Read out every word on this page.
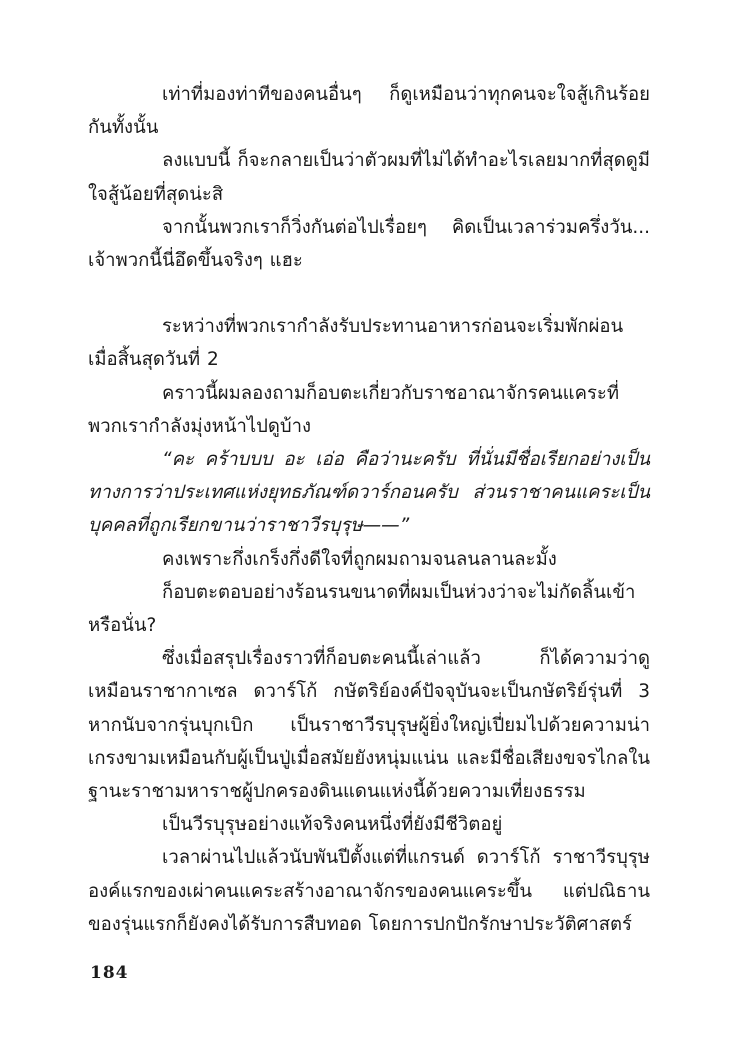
เท่าที่มองท่าทีของคนอื่นๆ ก็ดูเหมือนว่าทุกคนจะใจสู้เกินร้อยกันทั้งนั้น

ลงแบบนี้ ก็จะกลายเป็นว่าตัวผมที่ไม่ได้ทำอะไรเลยมากที่สุดดูมีใจสู้น้อยที่สุดน่ะสิ

จากนั้นพวกเราก็วิ่งกันต่อไปเรื่อยๆ คิดเป็นเวลาร่วมครึ่งวัน... เจ้าพวกนี้นี่อึดขึ้นจริงๆ แฮะ

ระหว่างที่พวกเรากำลังรับประทานอาหารก่อนจะเริ่มพักผ่อนเมื่อสิ้นสุดวันที่ 2

คราวนี้ผมลองถามก็อบตะเกี่ยวกับราชอาณาจักรคนแคระที่พวกเรากำลังมุ่งหน้าไปดูบ้าง

“คะ คร้าบบบ อะ เอ่อ คือว่านะครับ ที่นั่นมีชื่อเรียกอย่างเป็นทางการว่าประเทศแห่งยุทธภัณฑ์ดวาร์กอนครับ ส่วนราชาคนแคระเป็นบุคคลที่ถูกเรียกขานว่าราชาวีรบุรุษ——”

คงเพราะกึ่งเกร็งกึ่งดีใจที่ถูกผมถามจนลนลานละมั้ง

ก็อบตะตอบอย่างร้อนรนขนาดที่ผมเป็นห่วงว่าจะไม่กัดลิ้นเข้าหรือนั่น?

ซึ่งเมื่อสรุปเรื่องราวที่ก็อบตะคนนี้เล่าแล้ว ก็ได้ความว่าดูเหมือนราชากาเซล ดวาร์โก้ กษัตริย์องค์ปัจจุบันจะเป็นกษัตริย์รุ่นที่ 3 หากนับจากรุ่นบุกเบิก เป็นราชาวีรบุรุษผู้ยิ่งใหญ่เปี่ยมไปด้วยความน่าเกรงขามเหมือนกับผู้เป็นปู่เมื่อสมัยยังหนุ่มแน่น และมีชื่อเสียงขจรไกลในฐานะราชามหาราชผู้ปกครองดินแดนแห่งนี้ด้วยความเที่ยงธรรม

เป็นวีรบุรุษอย่างแท้จริงคนหนึ่งที่ยังมีชีวิตอยู่

เวลาผ่านไปแล้วนับพันปีตั้งแต่ที่แกรนด์ ดวาร์โก้ ราชาวีรบุรุษองค์แรกของเผ่าคนแคระสร้างอาณาจักรของคนแคระขึ้น แต่ปณิธานของรุ่นแรกก็ยังคงได้รับการสืบทอด โดยการปกปักรักษาประวัติศาสตร์

184
